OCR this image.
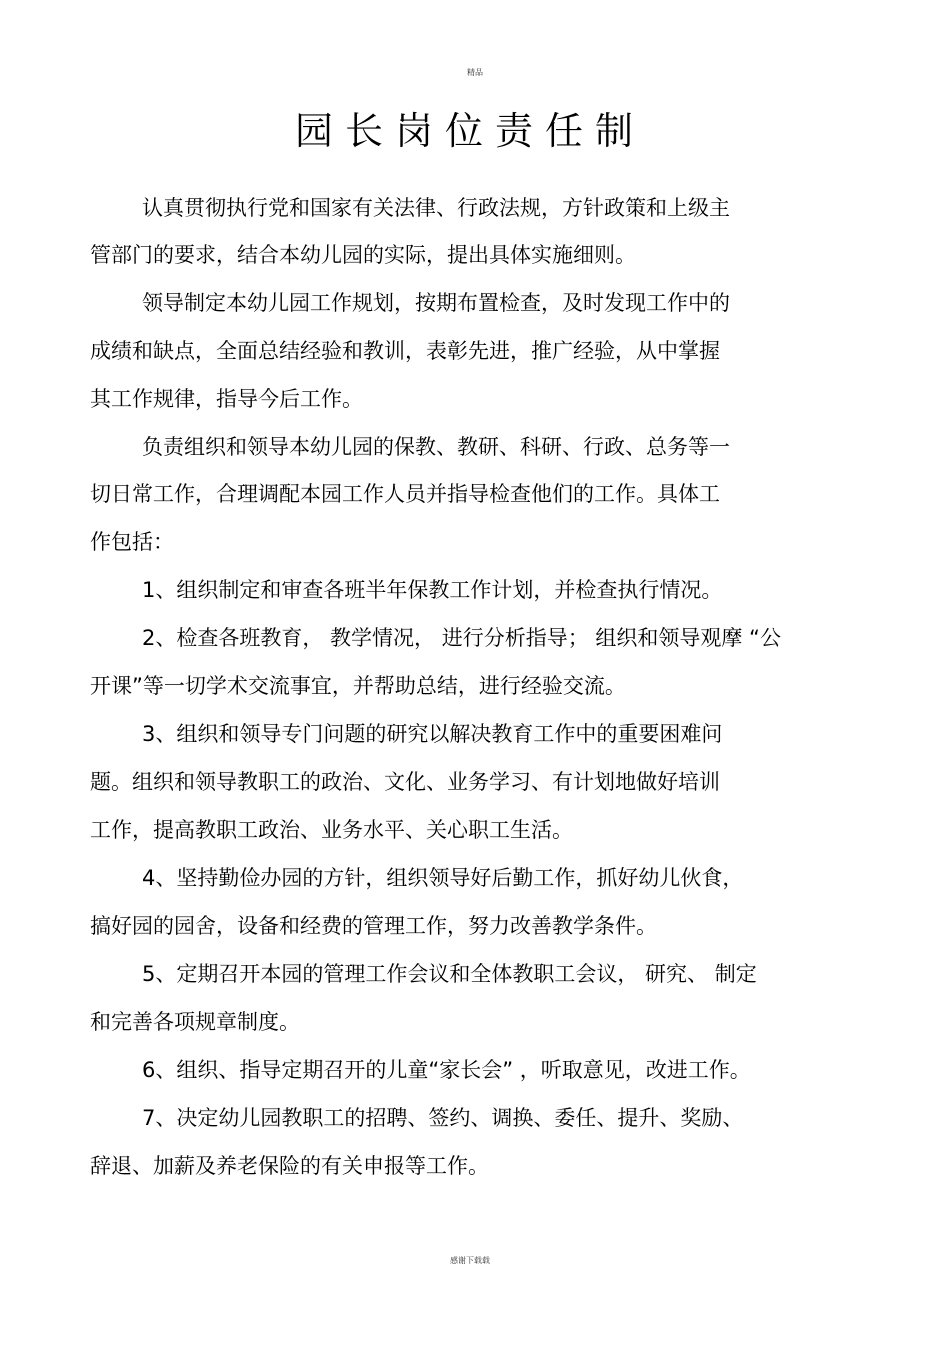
精品
园长岗位责任制
认真贯彻执行党和国家有关法律、行政法规，方针政策和上级主
管部门的要求，结合本幼儿园的实际，提出具体实施细则。
领导制定本幼儿园工作规划，按期布置检查，及时发现工作中的
成绩和缺点，全面总结经验和教训，表彰先进，推广经验，从中掌握
其工作规律，指导今后工作。
负责组织和领导本幼儿园的保教、教研、科研、行政、总务等一
切日常工作，合理调配本园工作人员并指导检查他们的工作。具体工
作包括：
1、组织制定和审查各班半年保教工作计划，并检查执行情况。
2、检查各班教育， 教学情况， 进行分析指导； 组织和领导观摩 “公
开课”等一切学术交流事宜，并帮助总结，进行经验交流。
3、组织和领导专门问题的研究以解决教育工作中的重要困难问
题。组织和领导教职工的政治、文化、业务学习、有计划地做好培训
工作，提高教职工政治、业务水平、关心职工生活。
4、坚持勤俭办园的方针，组织领导好后勤工作，抓好幼儿伙食，
搞好园的园舍，设备和经费的管理工作，努力改善教学条件。
5、定期召开本园的管理工作会议和全体教职工会议， 研究、 制定
和完善各项规章制度。
6、组织、指导定期召开的儿童“家长会” ，听取意见，改进工作。
7、决定幼儿园教职工的招聘、签约、调换、委任、提升、奖励、
辞退、加薪及养老保险的有关申报等工作。
感谢下载载
